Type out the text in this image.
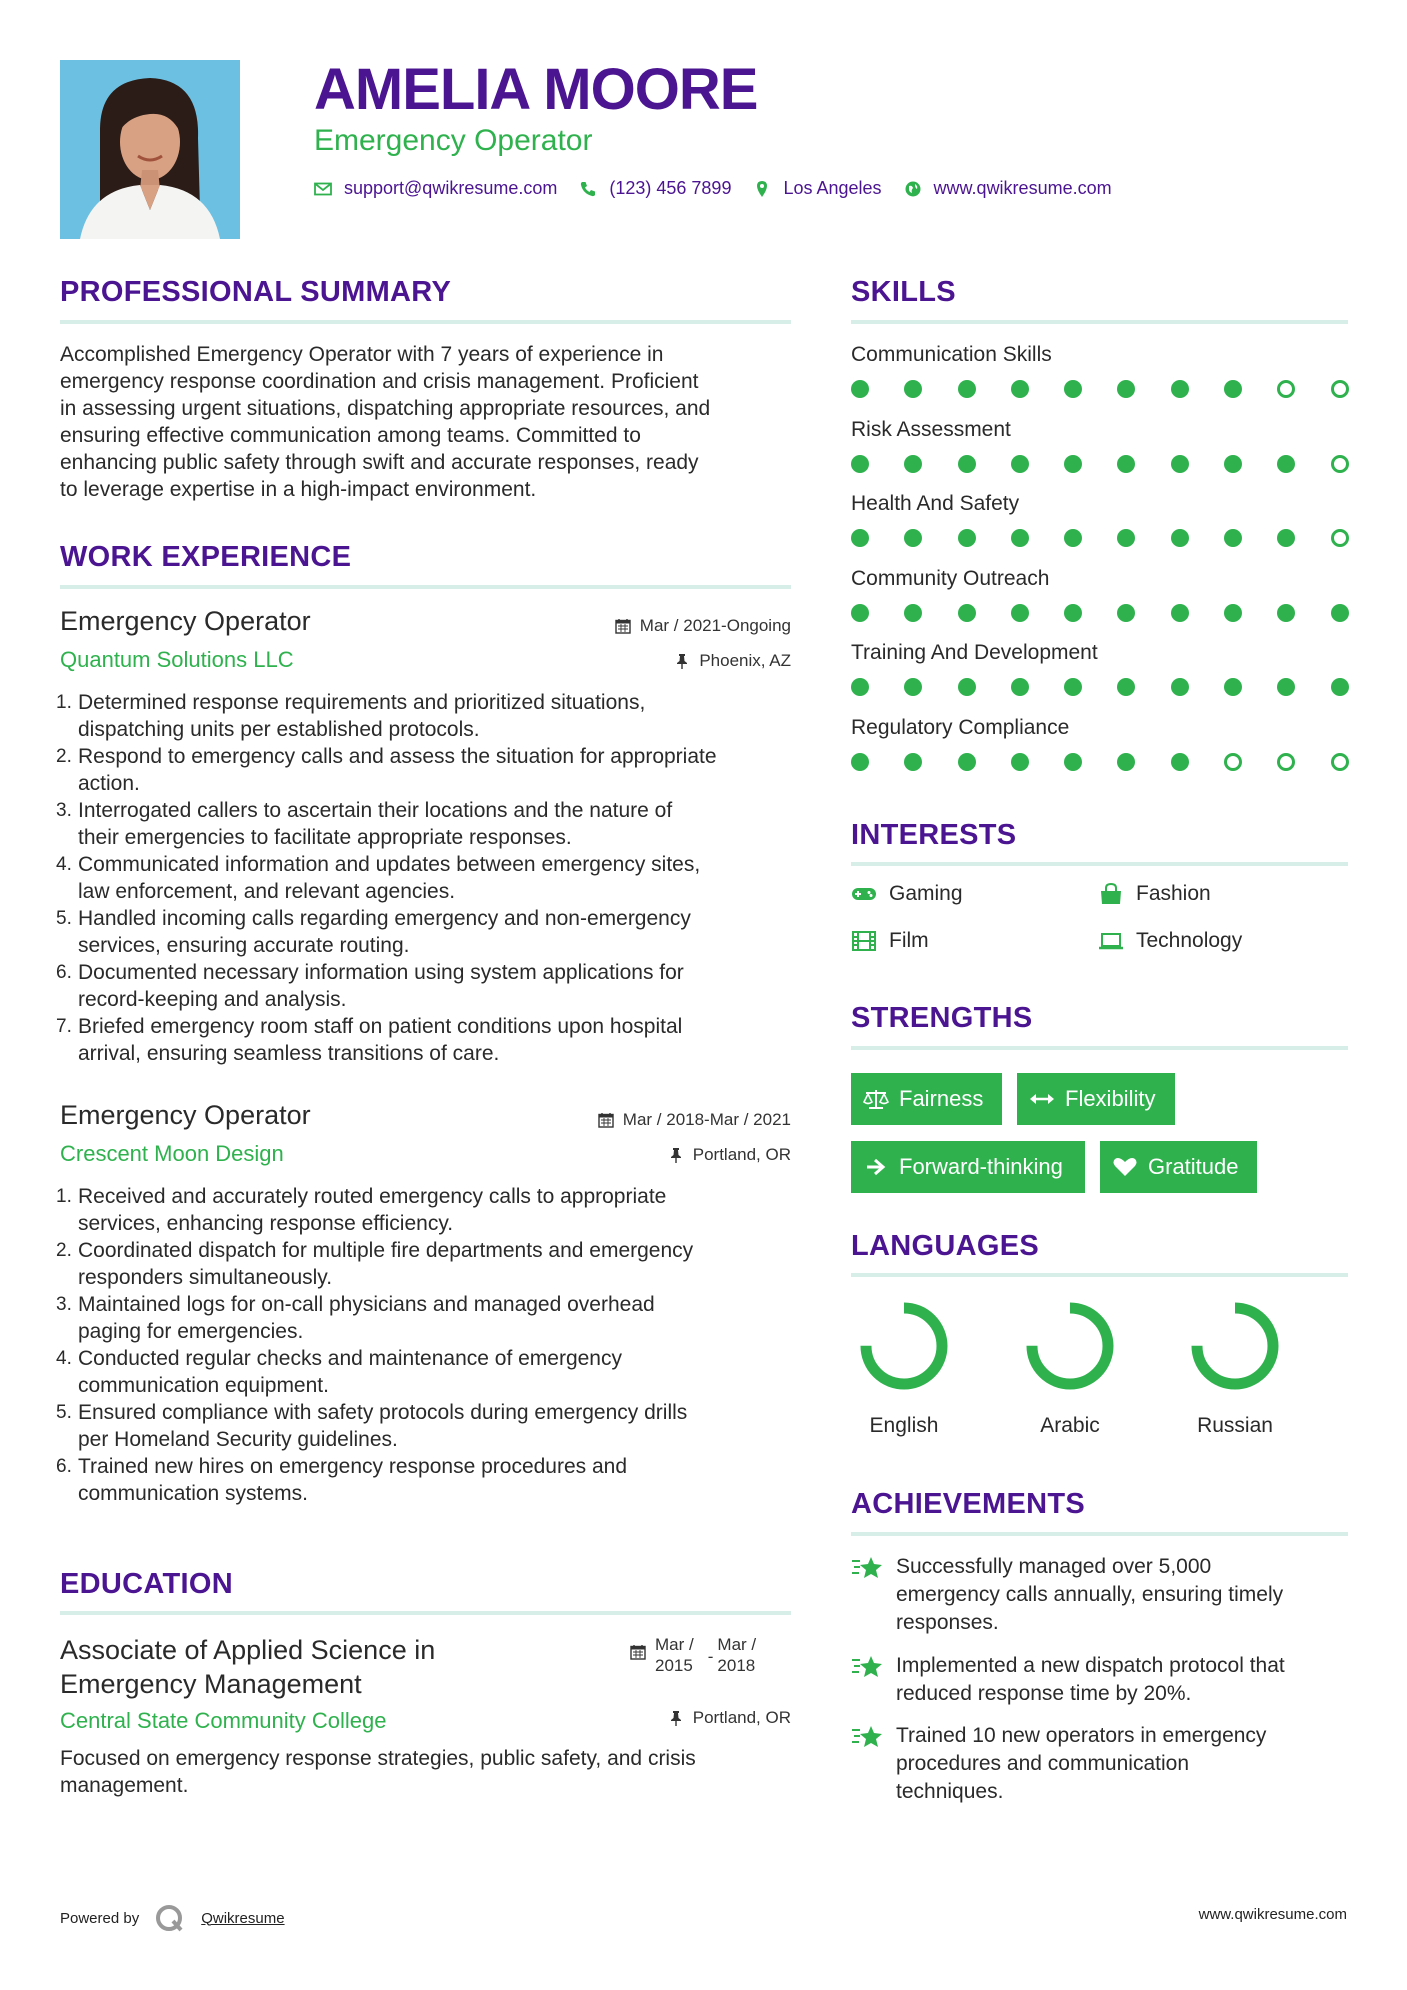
AMELIA MOORE
Emergency Operator
support@qwikresume.com	(123) 456 7899	Los Angeles	www.qwikresume.com
PROFESSIONAL SUMMARY
Accomplished Emergency Operator with 7 years of experience in
emergency response coordination and crisis management. Proficient
in assessing urgent situations, dispatching appropriate resources, and
ensuring effective communication among teams. Committed to
enhancing public safety through swift and accurate responses, ready
to leverage expertise in a high-impact environment.
WORK EXPERIENCE
Emergency Operator
Quantum Solutions LLC
Mar / 2021-Ongoing
Phoenix, AZ
Determined response requirements and prioritized situations,
dispatching units per established protocols.
Respond to emergency calls and assess the situation for appropriate
action.
Interrogated callers to ascertain their locations and the nature of
their emergencies to facilitate appropriate responses.
Communicated information and updates between emergency sites,
law enforcement, and relevant agencies.
Handled incoming calls regarding emergency and non-emergency
services, ensuring accurate routing.
Documented necessary information using system applications for
record-keeping and analysis.
Briefed emergency room staff on patient conditions upon hospital
arrival, ensuring seamless transitions of care.
Emergency Operator
Crescent Moon Design
Mar / 2018-Mar / 2021
Portland, OR
Received and accurately routed emergency calls to appropriate
services, enhancing response efficiency.
Coordinated dispatch for multiple fire departments and emergency
responders simultaneously.
Maintained logs for on-call physicians and managed overhead
paging for emergencies.
Conducted regular checks and maintenance of emergency
communication equipment.
Ensured compliance with safety protocols during emergency drills
per Homeland Security guidelines.
Trained new hires on emergency response procedures and
communication systems.
EDUCATION
Associate of Applied Science in
Emergency Management
Central State Community College
Mar /
2015 -
Mar /
2018
Portland, OR
Focused on emergency response strategies, public safety, and crisis
management.
SKILLS
Communication Skills
Risk Assessment
Health And Safety
Community Outreach
Training And Development
Regulatory Compliance
INTERESTS
Gaming	Fashion
Film	Technology
STRENGTHS
Fairness	Flexibility
Forward-thinking	Gratitude
LANGUAGES
English	Arabic	Russian
ACHIEVEMENTS
Successfully managed over 5,000
emergency calls annually, ensuring timely
responses.
Implemented a new dispatch protocol that
reduced response time by 20%.
Trained 10 new operators in emergency
procedures and communication
techniques.
Powered by	Qwikresume	www.qwikresume.com
